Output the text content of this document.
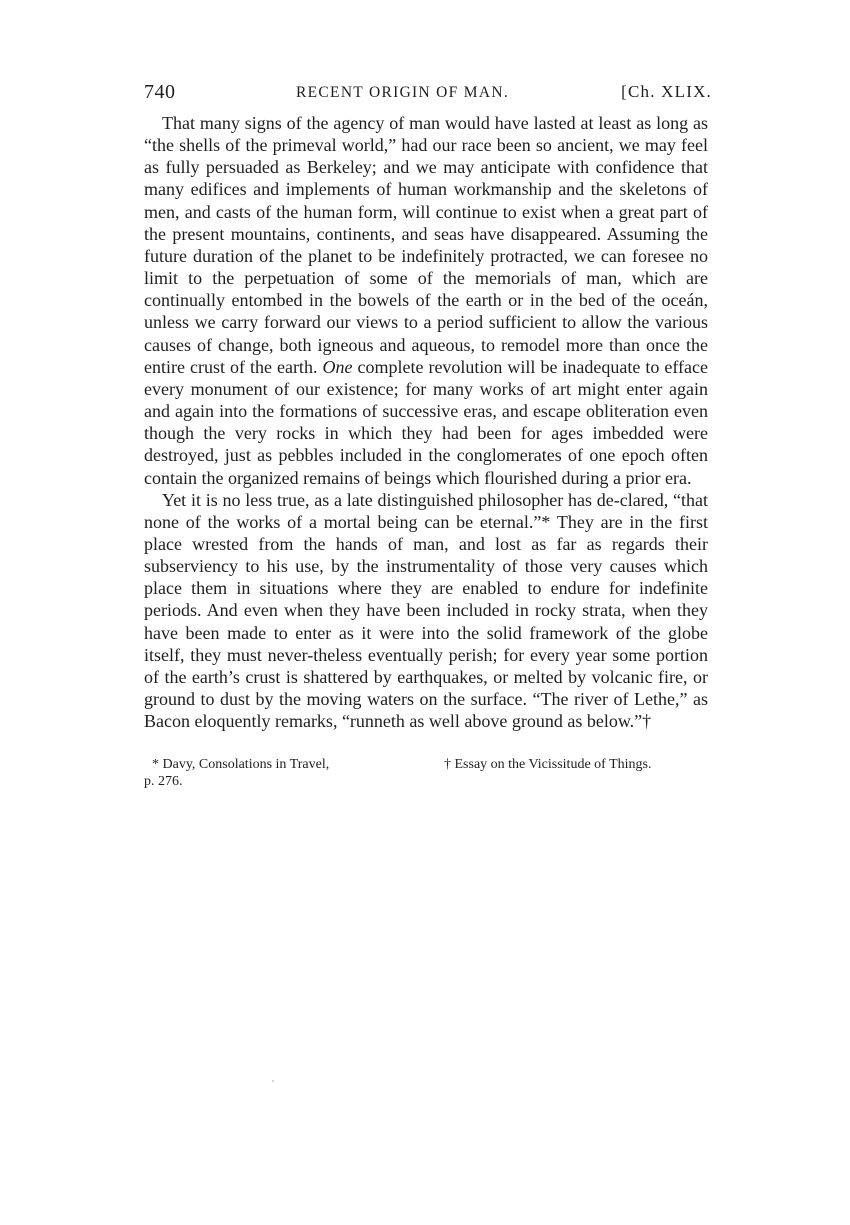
740	RECENT ORIGIN OF MAN.	[Ch. XLIX.

That many signs of the agency of man would have lasted at least as long as “the shells of the primeval world,” had our race been so ancient, we may feel as fully persuaded as Berkeley; and we may anticipate with confidence that many edifices and implements of human workmanship and the skeletons of men, and casts of the human form, will continue to exist when a great part of the present mountains, continents, and seas have disappeared. Assuming the future duration of the planet to be indefinitely protracted, we can foresee no limit to the perpetuation of some of the memorials of man, which are continually entombed in the bowels of the earth or in the bed of the oceán, unless we carry forward our views to a period sufficient to allow the various causes of change, both igneous and aqueous, to remodel more than once the entire crust of the earth. One complete revolution will be inadequate to efface every monument of our existence; for many works of art might enter again and again into the formations of successive eras, and escape obliteration even though the very rocks in which they had been for ages imbedded were destroyed, just as pebbles included in the conglomerates of one epoch often contain the organized remains of beings which flourished during a prior era.

Yet it is no less true, as a late distinguished philosopher has de-clared, “that none of the works of a mortal being can be eternal.”* They are in the first place wrested from the hands of man, and lost as far as regards their subserviency to his use, by the instrumentality of those very causes which place them in situations where they are enabled to endure for indefinite periods. And even when they have been included in rocky strata, when they have been made to enter as it were into the solid framework of the globe itself, they must never-theless eventually perish; for every year some portion of the earth’s crust is shattered by earthquakes, or melted by volcanic fire, or ground to dust by the moving waters on the surface. “The river of Lethe,” as Bacon eloquently remarks, “runneth as well above ground as below.”†

* Davy, Consolations in Travel,
p. 276.
† Essay on the Vicissitude of Things.
